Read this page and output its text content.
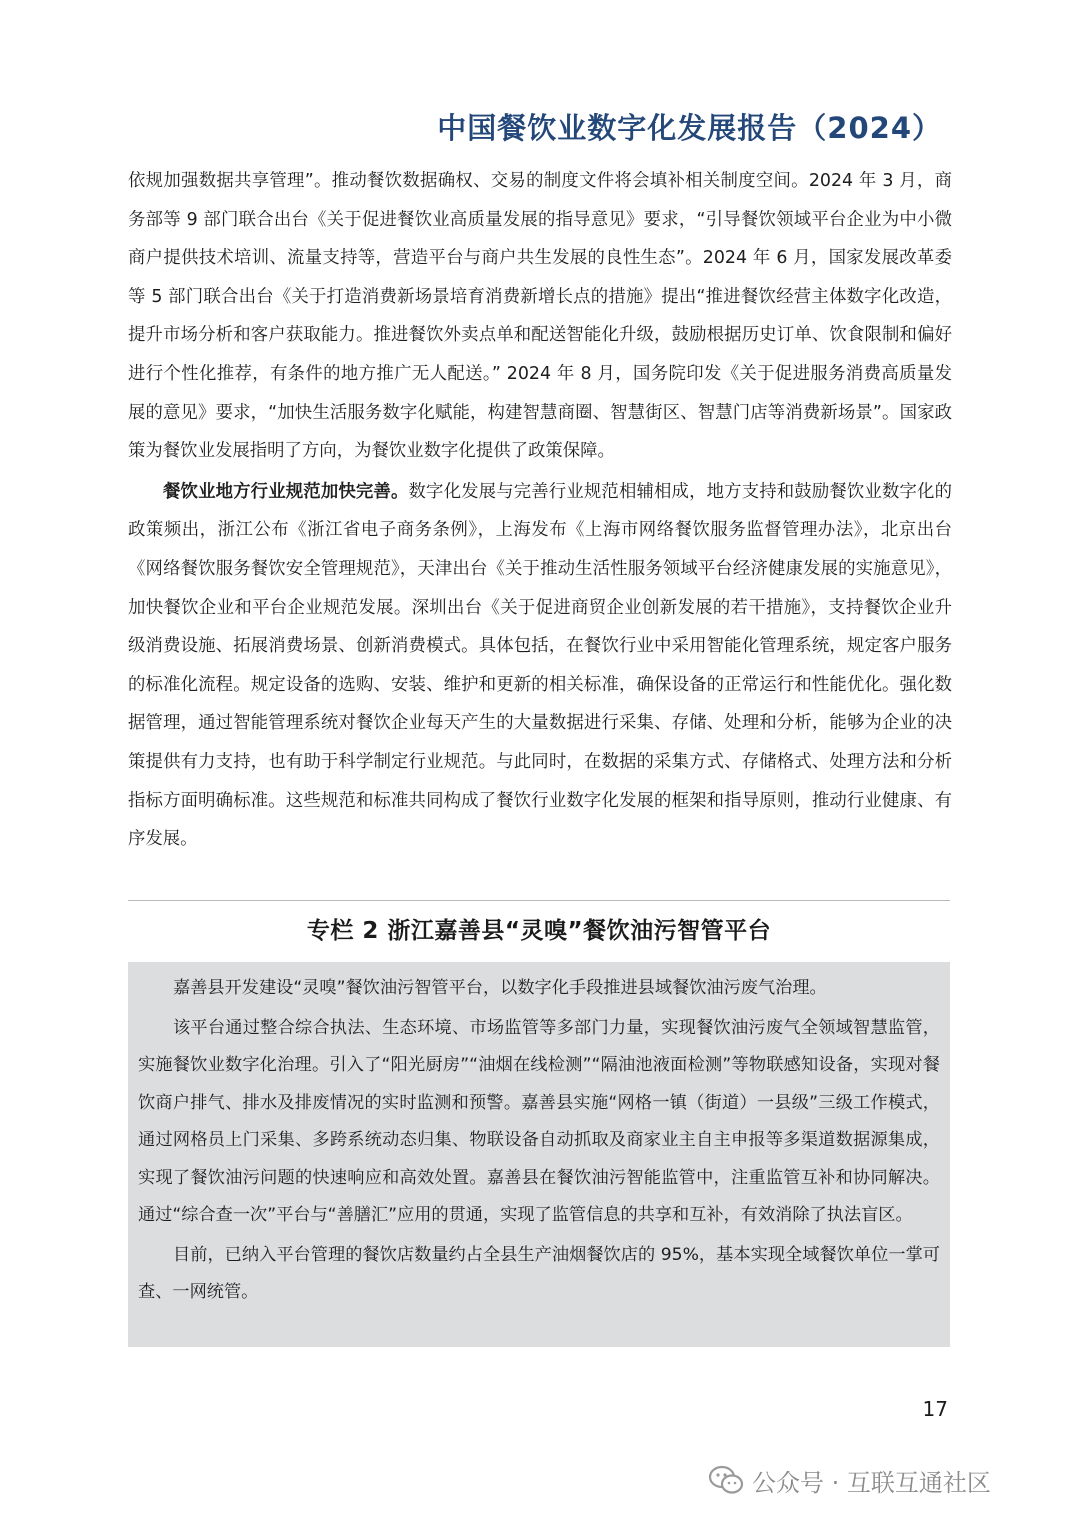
中国餐饮业数字化发展报告（2024）

依规加强数据共享管理”。推动餐饮数据确权、交易的制度文件将会填补相关制度空间。2024 年 3 月，商务部等 9 部门联合出台《关于促进餐饮业高质量发展的指导意见》要求，“引导餐饮领域平台企业为中小微商户提供技术培训、流量支持等，营造平台与商户共生发展的良性生态”。2024 年 6 月，国家发展改革委等 5 部门联合出台《关于打造消费新场景培育消费新增长点的措施》提出“推进餐饮经营主体数字化改造，提升市场分析和客户获取能力。推进餐饮外卖点单和配送智能化升级，鼓励根据历史订单、饮食限制和偏好进行个性化推荐，有条件的地方推广无人配送。” 2024 年 8 月，国务院印发《关于促进服务消费高质量发展的意见》要求，“加快生活服务数字化赋能，构建智慧商圈、智慧街区、智慧门店等消费新场景”。国家政策为餐饮业发展指明了方向，为餐饮业数字化提供了政策保障。

餐饮业地方行业规范加快完善。数字化发展与完善行业规范相辅相成，地方支持和鼓励餐饮业数字化的政策频出，浙江公布《浙江省电子商务条例》，上海发布《上海市网络餐饮服务监督管理办法》，北京出台《网络餐饮服务餐饮安全管理规范》，天津出台《关于推动生活性服务领域平台经济健康发展的实施意见》，加快餐饮企业和平台企业规范发展。深圳出台《关于促进商贸企业创新发展的若干措施》，支持餐饮企业升级消费设施、拓展消费场景、创新消费模式。具体包括，在餐饮行业中采用智能化管理系统，规定客户服务的标准化流程。规定设备的选购、安装、维护和更新的相关标准，确保设备的正常运行和性能优化。强化数据管理，通过智能管理系统对餐饮企业每天产生的大量数据进行采集、存储、处理和分析，能够为企业的决策提供有力支持，也有助于科学制定行业规范。与此同时，在数据的采集方式、存储格式、处理方法和分析指标方面明确标准。这些规范和标准共同构成了餐饮行业数字化发展的框架和指导原则，推动行业健康、有序发展。

专栏 2 浙江嘉善县“灵嗅”餐饮油污智管平台

嘉善县开发建设“灵嗅”餐饮油污智管平台，以数字化手段推进县域餐饮油污废气治理。

该平台通过整合综合执法、生态环境、市场监管等多部门力量，实现餐饮油污废气全领域智慧监管，实施餐饮业数字化治理。引入了“阳光厨房”“油烟在线检测”“隔油池液面检测”等物联感知设备，实现对餐饮商户排气、排水及排废情况的实时监测和预警。嘉善县实施“网格一镇（街道）一县级”三级工作模式，通过网格员上门采集、多跨系统动态归集、物联设备自动抓取及商家业主自主申报等多渠道数据源集成，实现了餐饮油污问题的快速响应和高效处置。嘉善县在餐饮油污智能监管中，注重监管互补和协同解决。通过“综合查一次”平台与“善膳汇”应用的贯通，实现了监管信息的共享和互补，有效消除了执法盲区。

目前，已纳入平台管理的餐饮店数量约占全县生产油烟餐饮店的 95%，基本实现全域餐饮单位一掌可查、一网统管。

17
公众号 · 互联互通社区
